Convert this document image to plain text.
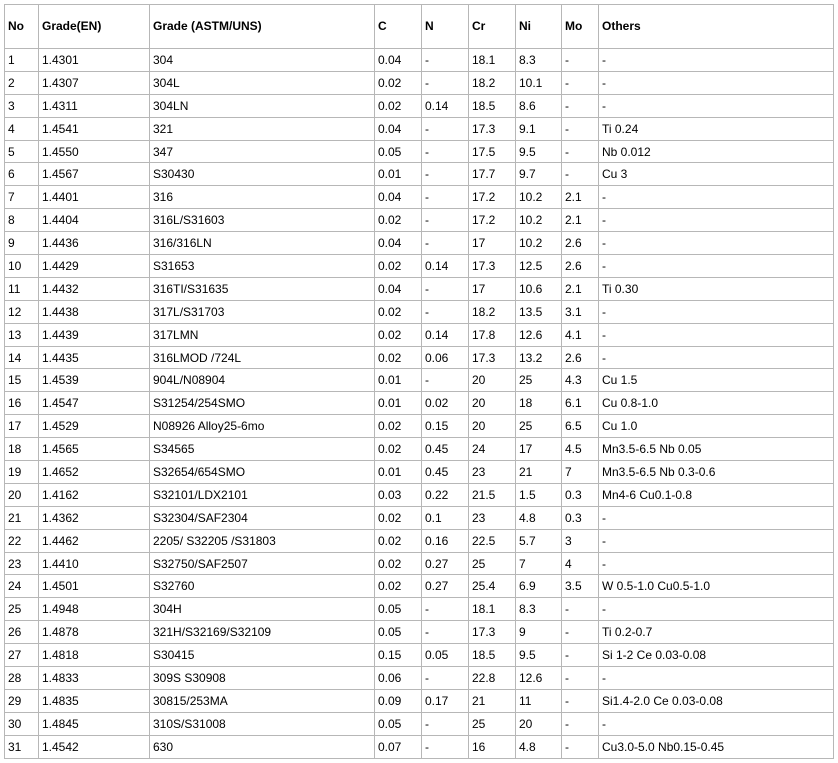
No	Grade(EN)	Grade (ASTM/UNS)	C	N	Cr	Ni	Mo	Others
1	1.4301	304	0.04	-	18.1	8.3	-	-
2	1.4307	304L	0.02	-	18.2	10.1	-	-
3	1.4311	304LN	0.02	0.14	18.5	8.6	-	-
4	1.4541	321	0.04	-	17.3	9.1	-	Ti 0.24
5	1.4550	347	0.05	-	17.5	9.5	-	Nb 0.012
6	1.4567	S30430	0.01	-	17.7	9.7	-	Cu 3
7	1.4401	316	0.04	-	17.2	10.2	2.1	-
8	1.4404	316L/S31603	0.02	-	17.2	10.2	2.1	-
9	1.4436	316/316LN	0.04	-	17	10.2	2.6	-
10	1.4429	S31653	0.02	0.14	17.3	12.5	2.6	-
11	1.4432	316TI/S31635	0.04	-	17	10.6	2.1	Ti 0.30
12	1.4438	317L/S31703	0.02	-	18.2	13.5	3.1	-
13	1.4439	317LMN	0.02	0.14	17.8	12.6	4.1	-
14	1.4435	316LMOD /724L	0.02	0.06	17.3	13.2	2.6	-
15	1.4539	904L/N08904	0.01	-	20	25	4.3	Cu 1.5
16	1.4547	S31254/254SMO	0.01	0.02	20	18	6.1	Cu 0.8-1.0
17	1.4529	N08926 Alloy25-6mo	0.02	0.15	20	25	6.5	Cu 1.0
18	1.4565	S34565	0.02	0.45	24	17	4.5	Mn3.5-6.5 Nb 0.05
19	1.4652	S32654/654SMO	0.01	0.45	23	21	7	Mn3.5-6.5 Nb 0.3-0.6
20	1.4162	S32101/LDX2101	0.03	0.22	21.5	1.5	0.3	Mn4-6 Cu0.1-0.8
21	1.4362	S32304/SAF2304	0.02	0.1	23	4.8	0.3	-
22	1.4462	2205/ S32205 /S31803	0.02	0.16	22.5	5.7	3	-
23	1.4410	S32750/SAF2507	0.02	0.27	25	7	4	-
24	1.4501	S32760	0.02	0.27	25.4	6.9	3.5	W 0.5-1.0 Cu0.5-1.0
25	1.4948	304H	0.05	-	18.1	8.3	-	-
26	1.4878	321H/S32169/S32109	0.05	-	17.3	9	-	Ti 0.2-0.7
27	1.4818	S30415	0.15	0.05	18.5	9.5	-	Si 1-2 Ce 0.03-0.08
28	1.4833	309S S30908	0.06	-	22.8	12.6	-	-
29	1.4835	30815/253MA	0.09	0.17	21	11	-	Si1.4-2.0 Ce 0.03-0.08
30	1.4845	310S/S31008	0.05	-	25	20	-	-
31	1.4542	630	0.07	-	16	4.8	-	Cu3.0-5.0 Nb0.15-0.45
